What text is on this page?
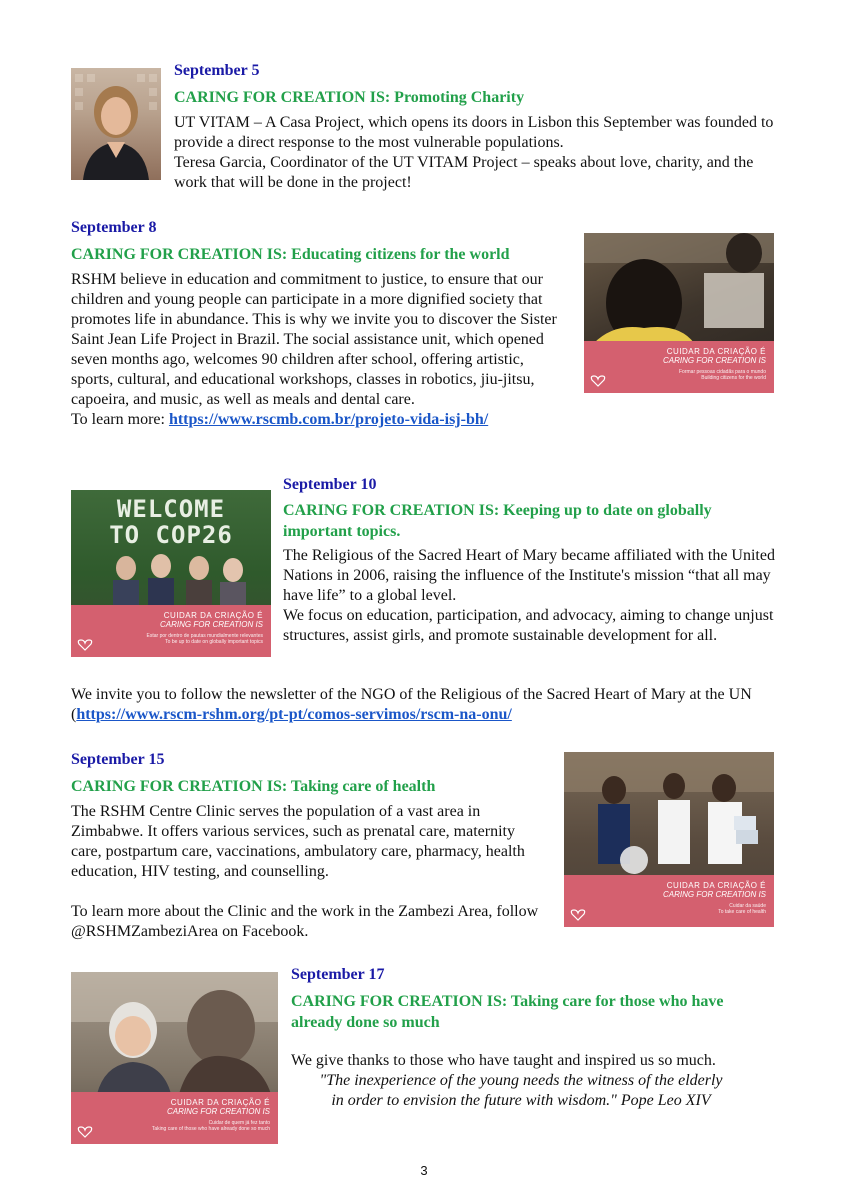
September 5
CARING FOR CREATION IS: Promoting Charity

UT VITAM – A Casa Project, which opens its doors in Lisbon this September was founded to provide a direct response to the most vulnerable populations.

Teresa Garcia, Coordinator of the UT VITAM Project – speaks about love, charity, and the work that will be done in the project!

September 8
CARING FOR CREATION IS: Educating citizens for the world

RSHM believe in education and commitment to justice, to ensure that our children and young people can participate in a more dignified society that promotes life in abundance. This is why we invite you to discover the Sister Saint Jean Life Project in Brazil. The social assistance unit, which opened seven months ago, welcomes 90 children after school, offering artistic, sports, cultural, and educational workshops, classes in robotics, jiu-jitsu, capoeira, and music, as well as meals and dental care.

To learn more: https://www.rscmb.com.br/projeto-vida-isj-bh/

CUIDAR DA CRIAÇÃO É
CARING FOR CREATION IS
Formar pessoas cidadãs para o mundo
Building citizens for the world
WELCOME
TO COP26
CUIDAR DA CRIAÇÃO É
CARING FOR CREATION IS
Estar por dentro de pautas mundialmente relevantes
To be up to date on globally important topics
September 10
CARING FOR CREATION IS: Keeping up to date on globally important topics.

The Religious of the Sacred Heart of Mary became affiliated with the United Nations in 2006, raising the influence of the Institute's mission “that all may have life” to a global level.

We focus on education, participation, and advocacy, aiming to change unjust structures, assist girls, and promote sustainable development for all.

We invite you to follow the newsletter of the NGO of the Religious of the Sacred Heart of Mary at the UN (https://www.rscm-rshm.org/pt-pt/comos-servimos/rscm-na-onu/
September 15
CARING FOR CREATION IS: Taking care of health

The RSHM Centre Clinic serves the population of a vast area in Zimbabwe. It offers various services, such as prenatal care, maternity care, postpartum care, vaccinations, ambulatory care, pharmacy, health education, HIV testing, and counselling.

To learn more about the Clinic and the work in the Zambezi Area, follow @RSHMZambeziArea on Facebook.

CUIDAR DA CRIAÇÃO É
CARING FOR CREATION IS
Cuidar da saúde
To take care of health
CUIDAR DA CRIAÇÃO É
CARING FOR CREATION IS
Cuidar de quem já fez tanto
Taking care of those who have already done so much
September 17
CARING FOR CREATION IS: Taking care for those who have already done so much

We give thanks to those who have taught and inspired us so much.

"The inexperience of the young needs the witness of the elderly
in order to envision the future with wisdom." Pope Leo XIV
3
